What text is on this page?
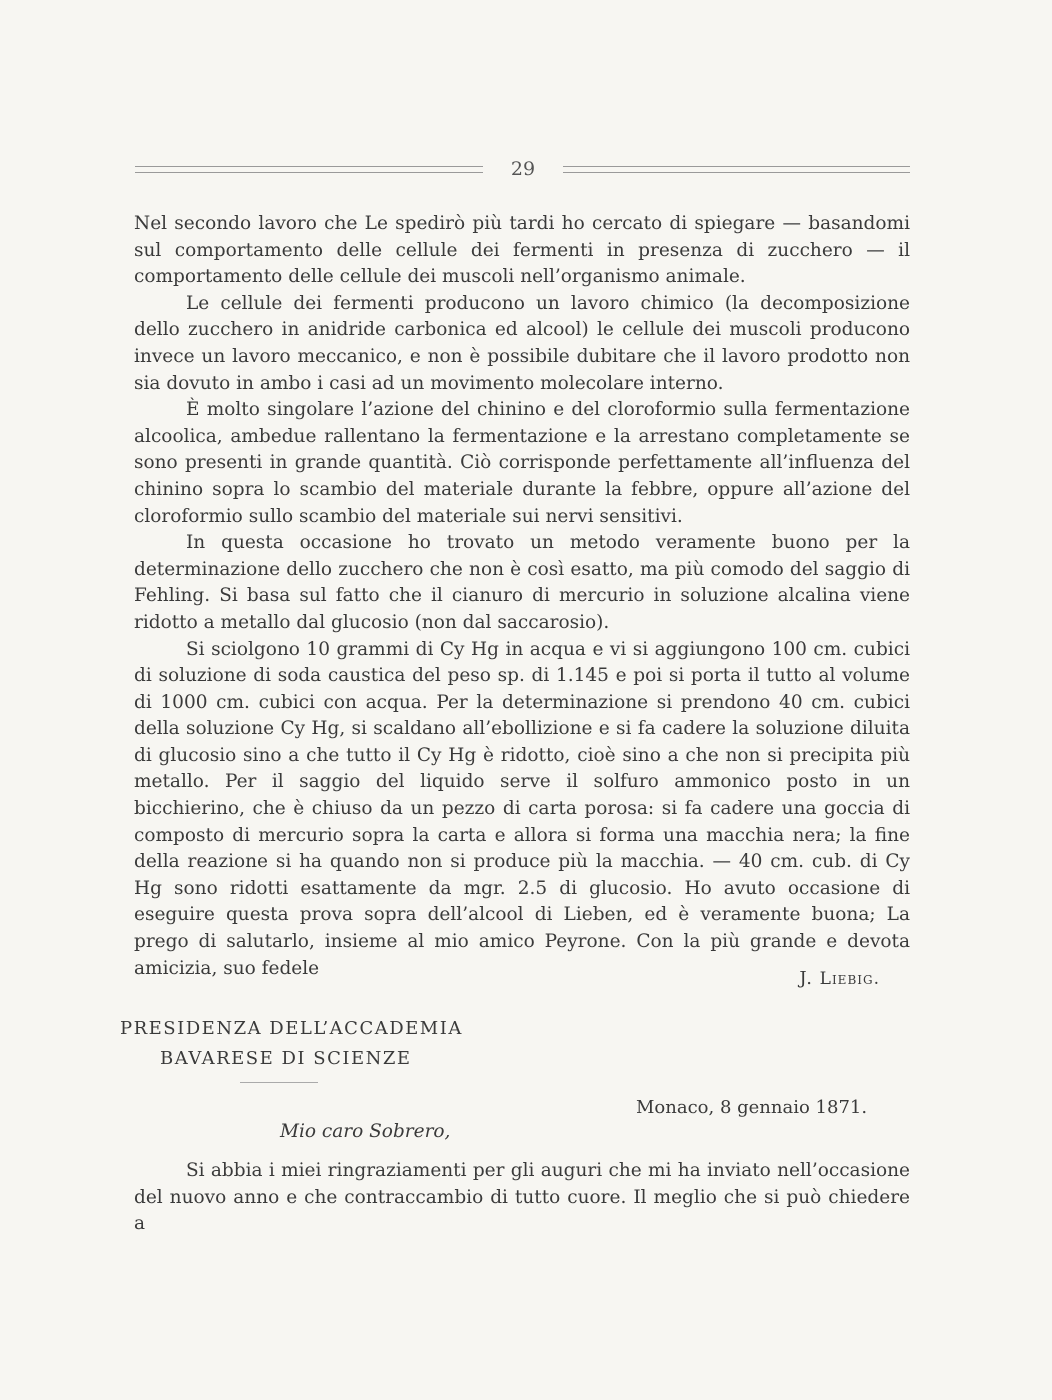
29

Nel secondo lavoro che Le spedirò più tardi ho cercato di spiegare — basandomi sul comportamento delle cellule dei fermenti in presenza di zucchero — il comportamento delle cellule dei muscoli nell’organismo animale.

Le cellule dei fermenti producono un lavoro chimico (la decomposizione dello zucchero in anidride carbonica ed alcool) le cellule dei muscoli producono invece un lavoro meccanico, e non è possibile dubitare che il lavoro prodotto non sia dovuto in ambo i casi ad un movimento molecolare interno.

È molto singolare l’azione del chinino e del cloroformio sulla fermentazione alcoolica, ambedue rallentano la fermentazione e la arrestano completamente se sono presenti in grande quantità. Ciò corrisponde perfettamente all’influenza del chinino sopra lo scambio del materiale durante la febbre, oppure all’azione del cloroformio sullo scambio del materiale sui nervi sensitivi.

In questa occasione ho trovato un metodo veramente buono per la determinazione dello zucchero che non è così esatto, ma più comodo del saggio di Fehling. Si basa sul fatto che il cianuro di mercurio in soluzione alcalina viene ridotto a metallo dal glucosio (non dal saccarosio).

Si sciolgono 10 grammi di Cy Hg in acqua e vi si aggiungono 100 cm. cubici di soluzione di soda caustica del peso sp. di 1.145 e poi si porta il tutto al volume di 1000 cm. cubici con acqua. Per la determinazione si prendono 40 cm. cubici della soluzione Cy Hg, si scaldano all’ebollizione e si fa cadere la soluzione diluita di glucosio sino a che tutto il Cy Hg è ridotto, cioè sino a che non si precipita più metallo. Per il saggio del liquido serve il solfuro ammonico posto in un bicchierino, che è chiuso da un pezzo di carta porosa: si fa cadere una goccia di composto di mercurio sopra la carta e allora si forma una macchia nera; la fine della reazione si ha quando non si produce più la macchia. — 40 cm. cub. di Cy Hg sono ridotti esattamente da mgr. 2.5 di glucosio. Ho avuto occasione di eseguire questa prova sopra dell’alcool di Lieben, ed è veramente buona; La prego di salutarlo, insieme al mio amico Peyrone. Con la più grande e devota amicizia, suo fedele	J. Liebig.
PRESIDENZA DELL’ACCADEMIA
BAVARESE DI SCIENZE
Monaco, 8 gennaio 1871.
Mio caro Sobrero,

Si abbia i miei ringraziamenti per gli auguri che mi ha inviato nell’occasione del nuovo anno e che contraccambio di tutto cuore. Il meglio che si può chiedere a
